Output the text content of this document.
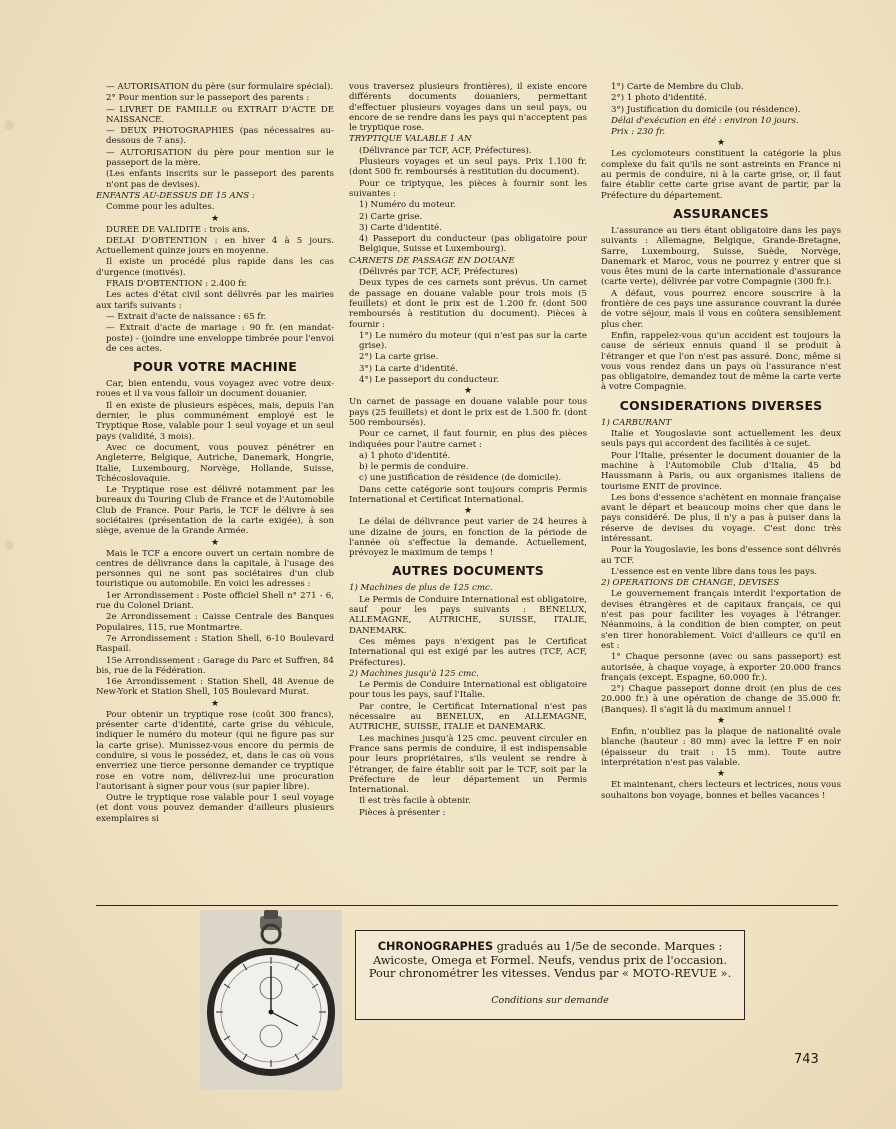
— AUTORISATION du père (sur formulaire spécial).

2° Pour mention sur le passeport des parents :

— LIVRET DE FAMILLE ou EXTRAIT D'ACTE DE NAISSANCE.

— DEUX PHOTOGRAPHIES (pas nécessaires au-dessous de 7 ans).

— AUTORISATION du père pour mention sur le passeport de la mère.

(Les enfants inscrits sur le passeport des parents n'ont pas de devises).

ENFANTS AU-DESSUS DE 15 ANS :

Comme pour les adultes.

★

DUREE DE VALIDITE : trois ans.

DELAI D'OBTENTION : en hiver 4 à 5 jours. Actuellement quinze jours en moyenne.

Il existe un procédé plus rapide dans les cas d'urgence (motivés).

FRAIS D'OBTENTION : 2.400 fr.

Les actes d'état civil sont délivrés par les mairies aux tarifs suivants :

— Extrait d'acte de naissance : 65 fr.

— Extrait d'acte de mariage : 90 fr. (en mandat-poste) - (joindre une enveloppe timbrée pour l'envoi de ces actes.

POUR VOTRE MACHINE

Car, bien entendu, vous voyagez avec votre deux-roues et il va vous falloir un document douanier.

Il en existe de plusieurs espèces, mais, depuis l'an dernier, le plus communément employé est le Tryptique Rose, valable pour 1 seul voyage et un seul pays (validité, 3 mois).

Avec ce document, vous pouvez pénétrer en Angleterre, Belgique, Autriche, Danemark, Hongrie, Italie, Luxembourg, Norvège, Hollande, Suisse, Tchécoslovaquie.

Le Tryptique rose est délivré notamment par les bureaux du Touring Club de France et de l'Automobile Club de France. Pour Paris, le TCF le délivre à ses sociétaires (présentation de la carte exigée), à son siège, avenue de la Grande Armée.

★

Mais le TCF a encore ouvert un certain nombre de centres de délivrance dans la capitale, à l'usage des personnes qui ne sont pas sociétaires d'un club touristique ou automobile. En voici les adresses :

1er Arrondissement : Poste officiel Shell n° 271 - 6, rue du Colonel Driant.

2e Arrondissement : Caisse Centrale des Banques Populaires, 115, rue Montmartre.

7e Arrondissement : Station Shell, 6-10 Boulevard Raspail.

15e Arrondissement : Garage du Parc et Suffren, 84 bis, rue de la Fédération.

16e Arrondissement : Station Shell, 48 Avenue de New-York et Station Shell, 105 Boulevard Murat.

★

Pour obtenir un tryptique rose (coût 300 francs), présenter carte d'identité, carte grise du véhicule, indiquer le numéro du moteur (qui ne figure pas sur la carte grise). Munissez-vous encore du permis de conduire, si vous le possédez, et, dans le cas où vous enverriez une tierce personne demander ce tryptique rose en votre nom, délivrez-lui une procuration l'autorisant à signer pour vous (sur papier libre).

Outre le tryptique rose valable pour 1 seul voyage (et dont vous pouvez demander d'ailleurs plusieurs exemplaires si

vous traversez plusieurs frontières), il existe encore différents documents douaniers, permettant d'effectuer plusieurs voyages dans un seul pays, ou encore de se rendre dans les pays qui n'acceptent pas le tryptique rose.

TRYPTIQUE VALABLE 1 AN

(Délivrance par TCF, ACF, Préfectures).

Plusieurs voyages et un seul pays. Prix 1.100 fr. (dont 500 fr. remboursés à restitution du document).

Pour ce triptyque, les pièces à fournir sont les suivantes :

1) Numéro du moteur.

2) Carte grise.

3) Carte d'identité.

4) Passeport du conducteur (pas obligatoire pour Belgique, Suisse et Luxembourg).

CARNETS DE PASSAGE EN DOUANE

(Délivrés par TCF, ACF, Préfectures)

Deux types de ces carnets sont prévus. Un carnet de passage en douane valable pour trois mois (5 feuillets) et dont le prix est de 1.200 fr. (dont 500 remboursés à restitution du document). Pièces à fournir :

1°) Le numéro du moteur (qui n'est pas sur la carte grise).

2°) La carte grise.

3°) La carte d'identité.

4°) Le passeport du conducteur.

★

Un carnet de passage en douane valable pour tous pays (25 feuillets) et dont le prix est de 1.500 fr. (dont 500 remboursés).

Pour ce carnet, il faut fournir, en plus des pièces indiquées pour l'autre carnet :

a) 1 photo d'identité.

b) le permis de conduire.

c) une justification de résidence (de domicile).

Dans cette catégorie sont toujours compris Permis International et Certificat International.

★

Le délai de délivrance peut varier de 24 heures à une dizaine de jours, en fonction de la période de l'année où s'effectue la demande. Actuellement, prévoyez le maximum de temps !

AUTRES DOCUMENTS

1) Machines de plus de 125 cmc.

Le Permis de Conduire International est obligatoire, sauf pour les pays suivants : BENELUX, ALLEMAGNE, AUTRICHE, SUISSE, ITALIE, DANEMARK.

Ces mêmes pays n'exigent pas le Certificat International qui est exigé par les autres (TCF, ACF, Préfectures).

2) Machines jusqu'à 125 cmc.

Le Permis de Conduire International est obligatoire pour tous les pays, sauf l'Italie.

Par contre, le Certificat International n'est pas nécessaire au BENELUX, en ALLEMAGNE, AUTRICHE, SUISSE, ITALIE et DANEMARK.

Les machines jusqu'à 125 cmc. peuvent circuler en France sans permis de conduire, il est indispensable pour leurs propriétaires, s'ils veulent se rendre à l'étranger, de faire établir soit par le TCF, soit par la Préfecture de leur département un Permis International.

Il est très facile à obtenir.

Pièces à présenter :

1°) Carte de Membre du Club.

2°) 1 photo d'identité.

3°) Justification du domicile (ou résidence).

Délai d'exécution en été : environ 10 jours.

Prix : 230 fr.

★

Les cyclomoteurs constituent la catégorie la plus complexe du fait qu'ils ne sont astreints en France ni au permis de conduire, ni à la carte grise, or, il faut faire établir cette carte grise avant de partir, par la Préfecture du département.

ASSURANCES

L'assurance au tiers étant obligatoire dans les pays suivants : Allemagne, Belgique, Grande-Bretagne, Sarre, Luxembourg, Suisse, Suède, Norvège, Danemark et Maroc, vous ne pourrez y entrer que si vous êtes muni de la carte internationale d'assurance (carte verte), délivrée par votre Compagnie (300 fr.).

A défaut, vous pourrez encore souscrire à la frontière de ces pays une assurance couvrant la durée de votre séjour, mais il vous en coûtera sensiblement plus cher.

Enfin, rappelez-vous qu'un accident est toujours la cause de sérieux ennuis quand il se produit à l'étranger et que l'on n'est pas assuré. Donc, même si vous vous rendez dans un pays où l'assurance n'est pas obligatoire, demandez tout de même la carte verte à votre Compagnie.

CONSIDERATIONS DIVERSES

1) CARBURANT

Italie et Yougoslavie sont actuellement les deux seuls pays qui accordent des facilités à ce sujet.

Pour l'Italie, présenter le document douanier de la machine à l'Automobile Club d'Italia, 45 bd Haussmann à Paris, ou aux organismes italiens de tourisme ENIT de province.

Les bons d'essence s'achètent en monnaie française avant le départ et beaucoup moins cher que dans le pays considéré. De plus, il n'y a pas à puiser dans la réserve de devises du voyage. C'est donc très intéressant.

Pour la Yougoslavie, les bons d'essence sont délivrés au TCF.

L'essence est en vente libre dans tous les pays.

2) OPERATIONS DE CHANGE, DEVISES

Le gouvernement français interdit l'exportation de devises étrangères et de capitaux français, ce qui n'est pas pour faciliter les voyages à l'étranger. Néanmoins, à la condition de bien compter, on peut s'en tirer honorablement. Voici d'ailleurs ce qu'il en est :

1° Chaque personne (avec ou sans passeport) est autorisée, à chaque voyage, à exporter 20.000 francs français (except. Espagne, 60.000 fr.).

2°) Chaque passeport donne droit (en plus de ces 20.000 fr.) à une opération de change de 35.000 fr. (Banques). Il s'agit là du maximum annuel !

★

Enfin, n'oubliez pas la plaque de nationalité ovale blanche (hauteur : 80 mm) avec la lettre F en noir (épaisseur du trait : 15 mm). Toute autre interprétation n'est pas valable.

★

Et maintenant, chers lecteurs et lectrices, nous vous souhaitons bon voyage, bonnes et belles vacances !

CHRONOGRAPHES gradués au 1/5e de seconde. Marques : Awicoste, Omega et Formel. Neufs, vendus prix de l'occasion. Pour chronométrer les vitesses. Vendus par « MOTO-REVUE ».
Conditions sur demande
743
